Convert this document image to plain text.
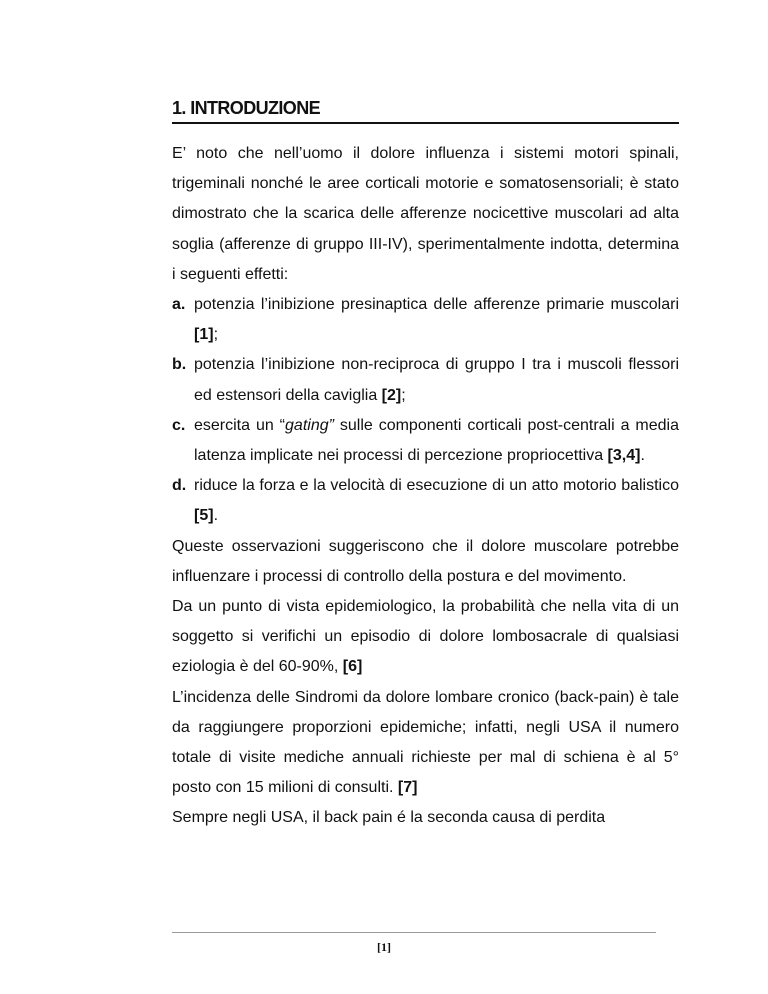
1. INTRODUZIONE

E’ noto che nell’uomo il dolore influenza i sistemi motori spinali, trigeminali nonché le aree corticali motorie e somatosensoriali; è stato dimostrato che la scarica delle afferenze nocicettive muscolari ad alta soglia (afferenze di gruppo III-IV), sperimentalmente indotta, determina i seguenti effetti:

a. potenzia l’inibizione presinaptica delle afferenze primarie muscolari [1];
b. potenzia l’inibizione non-reciproca di gruppo I tra i muscoli flessori ed estensori della caviglia [2];
c. esercita un “gating” sulle componenti corticali post-centrali a media latenza implicate nei processi di percezione propriocettiva [3,4].
d. riduce la forza e la velocità di esecuzione di un atto motorio balistico [5].

Queste osservazioni suggeriscono che il dolore muscolare potrebbe influenzare i processi di controllo della postura e del movimento.

Da un punto di vista epidemiologico, la probabilità che nella vita di un soggetto si verifichi un episodio di dolore lombosacrale di qualsiasi eziologia è del 60-90%, [6]

L’incidenza delle Sindromi da dolore lombare cronico (back-pain) è tale da raggiungere proporzioni epidemiche; infatti, negli USA il numero totale di visite mediche annuali richieste per mal di schiena è al 5° posto con 15 milioni di consulti. [7]

Sempre negli USA, il back pain é la seconda causa di perdita

[1]
